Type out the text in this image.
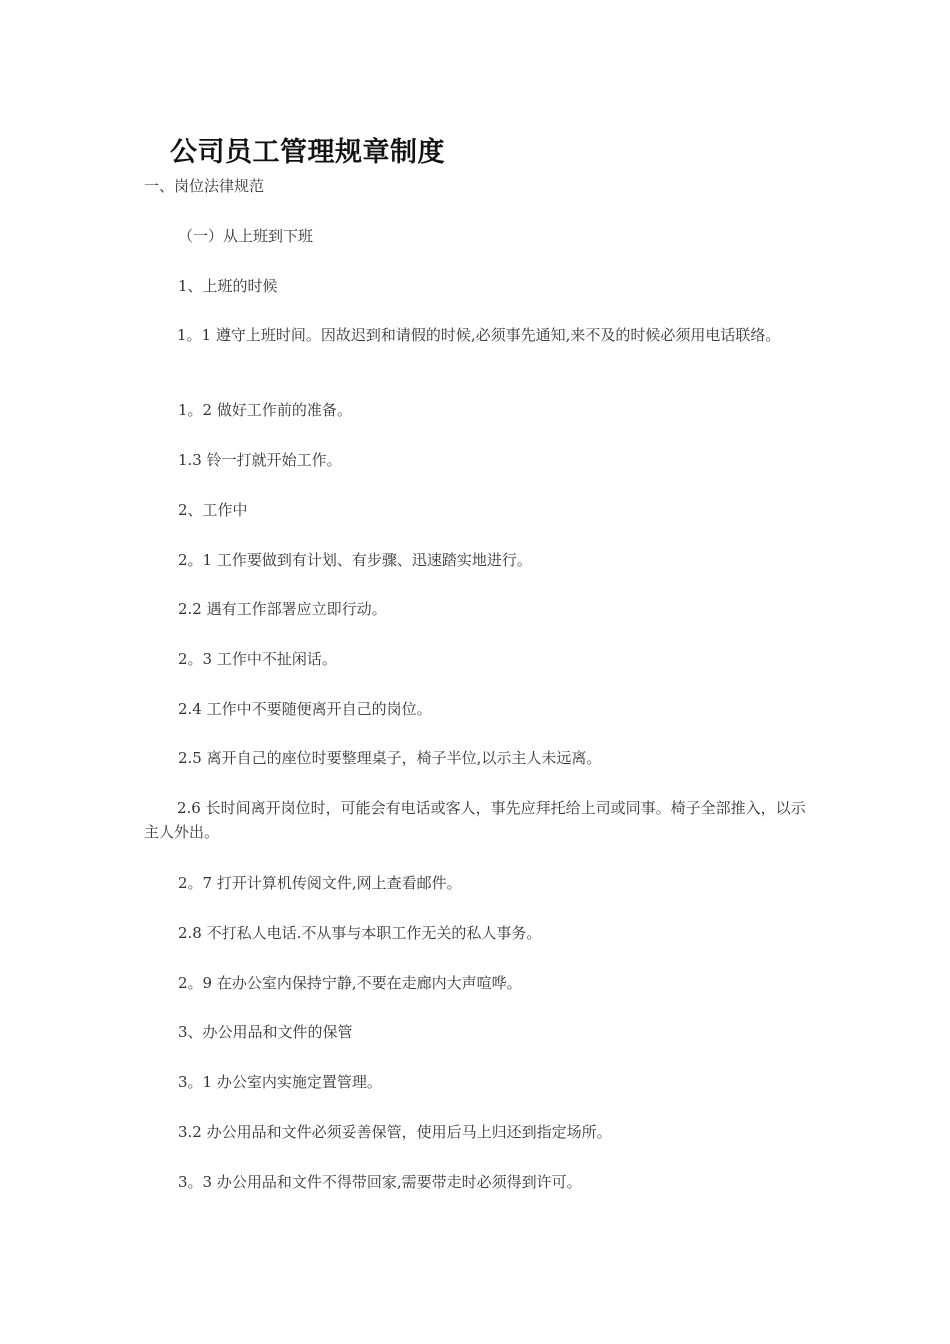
公司员工管理规章制度
一、岗位法律规范
（一）从上班到下班
1、上班的时候
1。1 遵守上班时间。因故迟到和请假的时候,必须事先通知,来不及的时候必须用电话联络。
1。2 做好工作前的准备。
1.3 铃一打就开始工作。
2、工作中
2。1 工作要做到有计划、有步骤、迅速踏实地进行。
2.2 遇有工作部署应立即行动。
2。3 工作中不扯闲话。
2.4 工作中不要随便离开自己的岗位。
2.5 离开自己的座位时要整理桌子，椅子半位,以示主人未远离。
2.6 长时间离开岗位时，可能会有电话或客人，事先应拜托给上司或同事。椅子全部推入，以示主人外出。
2。7 打开计算机传阅文件,网上查看邮件。
2.8 不打私人电话.不从事与本职工作无关的私人事务。
2。9 在办公室内保持宁静,不要在走廊内大声喧哗。
3、办公用品和文件的保管
3。1 办公室内实施定置管理。
3.2 办公用品和文件必须妥善保管，使用后马上归还到指定场所。
3。3 办公用品和文件不得带回家,需要带走时必须得到许可。
